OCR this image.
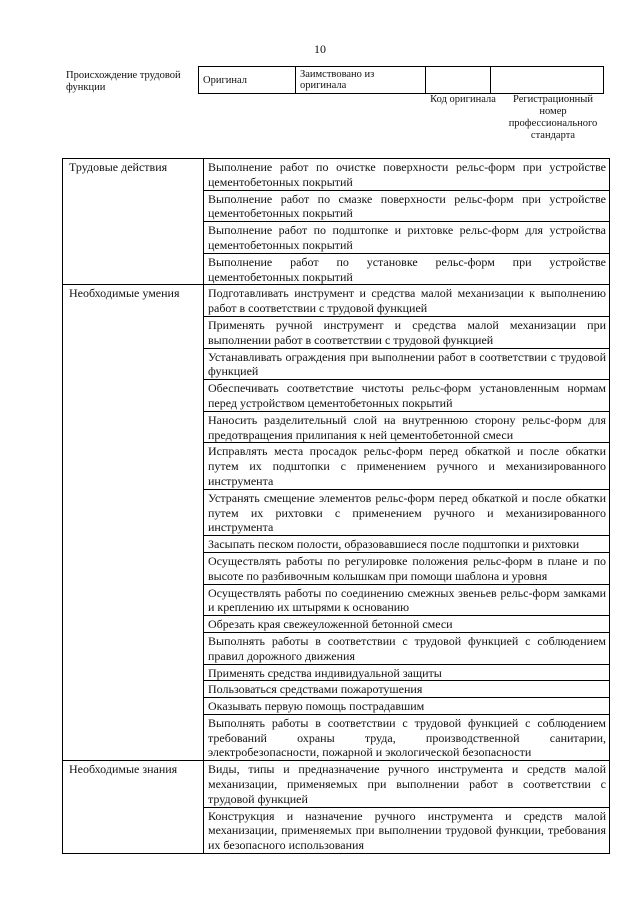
10
Происхождение трудовой функции
Оригинал	Заимствовано из оригинала		
Код оригинала	Регистрационный номер профессионального стандарта
Трудовые действия	Выполнение работ по очистке поверхности рельс-форм при устройстве цементобетонных покрытий
	Выполнение работ по смазке поверхности рельс-форм при устройстве цементобетонных покрытий
	Выполнение работ по подштопке и рихтовке рельс-форм для устройства цементобетонных покрытий
	Выполнение работ по установке рельс-форм при устройстве цементобетонных покрытий
Необходимые умения	Подготавливать инструмент и средства малой механизации к выполнению работ в соответствии с трудовой функцией
	Применять ручной инструмент и средства малой механизации при выполнении работ в соответствии с трудовой функцией
	Устанавливать ограждения при выполнении работ в соответствии с трудовой функцией
	Обеспечивать соответствие чистоты рельс-форм установленным нормам перед устройством цементобетонных покрытий
	Наносить разделительный слой на внутреннюю сторону рельс-форм для предотвращения прилипания к ней цементобетонной смеси
	Исправлять места просадок рельс-форм перед обкаткой и после обкатки путем их подштопки с применением ручного и механизированного инструмента
	Устранять смещение элементов рельс-форм перед обкаткой и после обкатки путем их рихтовки с применением ручного и механизированного инструмента
	Засыпать песком полости, образовавшиеся после подштопки и рихтовки
	Осуществлять работы по регулировке положения рельс-форм в плане и по высоте по разбивочным колышкам при помощи шаблона и уровня
	Осуществлять работы по соединению смежных звеньев рельс-форм замками и креплению их штырями к основанию
	Обрезать края свежеуложенной бетонной смеси
	Выполнять работы в соответствии с трудовой функцией с соблюдением правил дорожного движения
	Применять средства индивидуальной защиты
	Пользоваться средствами пожаротушения
	Оказывать первую помощь пострадавшим
	Выполнять работы в соответствии с трудовой функцией с соблюдением требований охраны труда, производственной санитарии, электробезопасности, пожарной и экологической безопасности
Необходимые знания	Виды, типы и предназначение ручного инструмента и средств малой механизации, применяемых при выполнении работ в соответствии с трудовой функцией
	Конструкция и назначение ручного инструмента и средств малой механизации, применяемых при выполнении трудовой функции, требования их безопасного использования
